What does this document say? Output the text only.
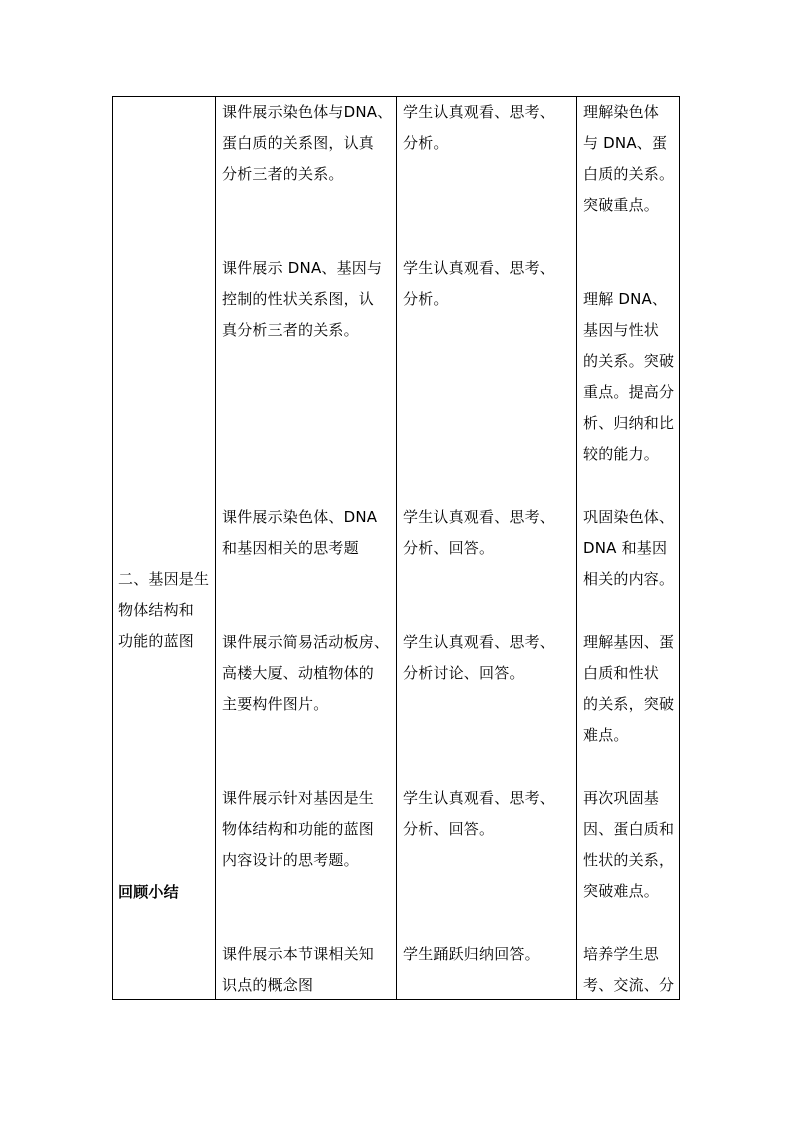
二、基因是生
物体结构和
功能的蓝图
回顾小结
课件展示染色体与DNA、
蛋白质的关系图，认真
分析三者的关系。
学生认真观看、思考、
分析。
理解染色体
与 DNA、蛋
白质的关系。
突破重点。
课件展示 DNA、基因与
控制的性状关系图，认
真分析三者的关系。
学生认真观看、思考、
分析。	理解 DNA、
基因与性状
的关系。突破
重点。提高分
析、归纳和比
较的能力。
课件展示染色体、DNA
和基因相关的思考题
学生认真观看、思考、
分析、回答。
巩固染色体、
DNA 和基因
相关的内容。
课件展示简易活动板房、
高楼大厦、动植物体的
主要构件图片。
学生认真观看、思考、
分析讨论、回答。
理解基因、蛋
白质和性状
的关系，突破
难点。
课件展示针对基因是生
物体结构和功能的蓝图
内容设计的思考题。
学生认真观看、思考、
分析、回答。
再次巩固基
因、蛋白质和
性状的关系，
突破难点。
课件展示本节课相关知
识点的概念图
学生踊跃归纳回答。	培养学生思
考、交流、分
